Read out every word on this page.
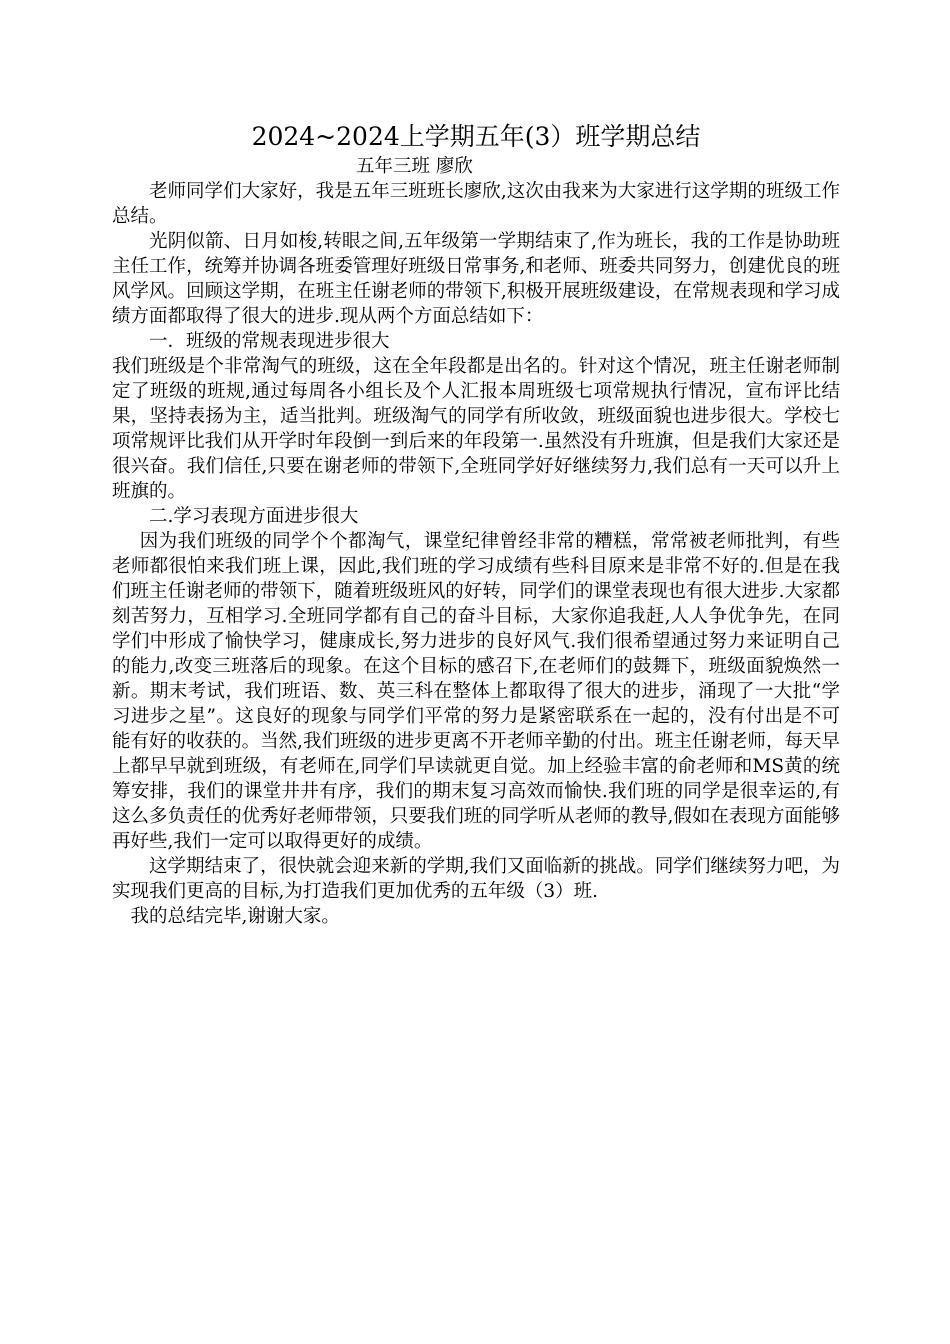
2024~2024上学期五年(3）班学期总结

五年三班 廖欣

老师同学们大家好，我是五年三班班长廖欣,这次由我来为大家进行这学期的班级工作总结。

光阴似箭、日月如梭,转眼之间,五年级第一学期结束了,作为班长，我的工作是协助班主任工作，统筹并协调各班委管理好班级日常事务,和老师、班委共同努力，创建优良的班风学风。回顾这学期，在班主任谢老师的带领下,积极开展班级建设，在常规表现和学习成绩方面都取得了很大的进步.现从两个方面总结如下：

一．班级的常规表现进步很大

我们班级是个非常淘气的班级，这在全年段都是出名的。针对这个情况，班主任谢老师制定了班级的班规,通过每周各小组长及个人汇报本周班级七项常规执行情况，宣布评比结果，坚持表扬为主，适当批判。班级淘气的同学有所收敛，班级面貌也进步很大。学校七项常规评比我们从开学时年段倒一到后来的年段第一.虽然没有升班旗，但是我们大家还是很兴奋。我们信任,只要在谢老师的带领下,全班同学好好继续努力,我们总有一天可以升上班旗的。

二.学习表现方面进步很大

因为我们班级的同学个个都淘气，课堂纪律曾经非常的糟糕，常常被老师批判，有些老师都很怕来我们班上课，因此,我们班的学习成绩有些科目原来是非常不好的.但是在我们班主任谢老师的带领下，随着班级班风的好转，同学们的课堂表现也有很大进步.大家都刻苦努力，互相学习.全班同学都有自己的奋斗目标，大家你追我赶,人人争优争先，在同学们中形成了愉快学习，健康成长,努力进步的良好风气.我们很希望通过努力来证明自己的能力,改变三班落后的现象。在这个目标的感召下,在老师们的鼓舞下，班级面貌焕然一新。期末考试，我们班语、数、英三科在整体上都取得了很大的进步，涌现了一大批“学习进步之星”。这良好的现象与同学们平常的努力是紧密联系在一起的，没有付出是不可能有好的收获的。当然,我们班级的进步更离不开老师辛勤的付出。班主任谢老师，每天早上都早早就到班级，有老师在,同学们早读就更自觉。加上经验丰富的俞老师和MS黄的统筹安排，我们的课堂井井有序，我们的期末复习高效而愉快.我们班的同学是很幸运的,有这么多负责任的优秀好老师带领，只要我们班的同学听从老师的教导,假如在表现方面能够再好些,我们一定可以取得更好的成绩。

这学期结束了，很快就会迎来新的学期,我们又面临新的挑战。同学们继续努力吧，为实现我们更高的目标,为打造我们更加优秀的五年级（3）班.

我的总结完毕,谢谢大家。
